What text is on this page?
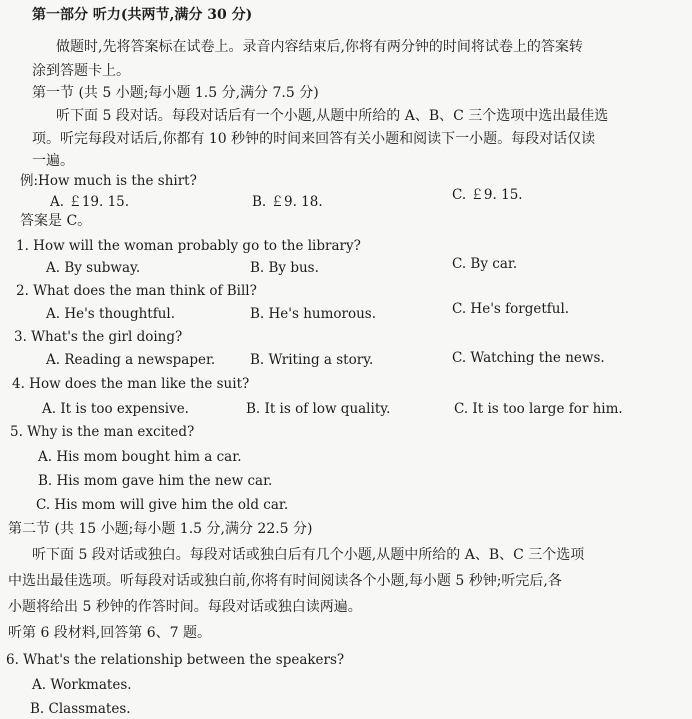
第一部分 听力(共两节,满分 30 分)
做题时,先将答案标在试卷上。录音内容结束后,你将有两分钟的时间将试卷上的答案转
涂到答题卡上。
第一节 (共 5 小题;每小题 1.5 分,满分 7.5 分)
听下面 5 段对话。每段对话后有一个小题,从题中所给的 A、B、C 三个选项中选出最佳选
项。听完每段对话后,你都有 10 秒钟的时间来回答有关小题和阅读下一小题。每段对话仅读
一遍。
例:How much is the shirt?
A. ￡19. 15.	B. ￡9. 18.	C. ￡9. 15.
答案是 C。
1. How will the woman probably go to the library?
A. By subway.	B. By bus.	C. By car.
2. What does the man think of Bill?
A. He's thoughtful.	B. He's humorous.	C. He's forgetful.
3. What's the girl doing?
A. Reading a newspaper.	B. Writing a story.	C. Watching the news.
4. How does the man like the suit?
A. It is too expensive.	B. It is of low quality.	C. It is too large for him.
5. Why is the man excited?
A. His mom bought him a car.
B. His mom gave him the new car.
C. His mom will give him the old car.
第二节 (共 15 小题;每小题 1.5 分,满分 22.5 分)
听下面 5 段对话或独白。每段对话或独白后有几个小题,从题中所给的 A、B、C 三个选项
中选出最佳选项。听每段对话或独白前,你将有时间阅读各个小题,每小题 5 秒钟;听完后,各
小题将给出 5 秒钟的作答时间。每段对话或独白读两遍。
听第 6 段材料,回答第 6、7 题。
6. What's the relationship between the speakers?
A. Workmates.
B. Classmates.
